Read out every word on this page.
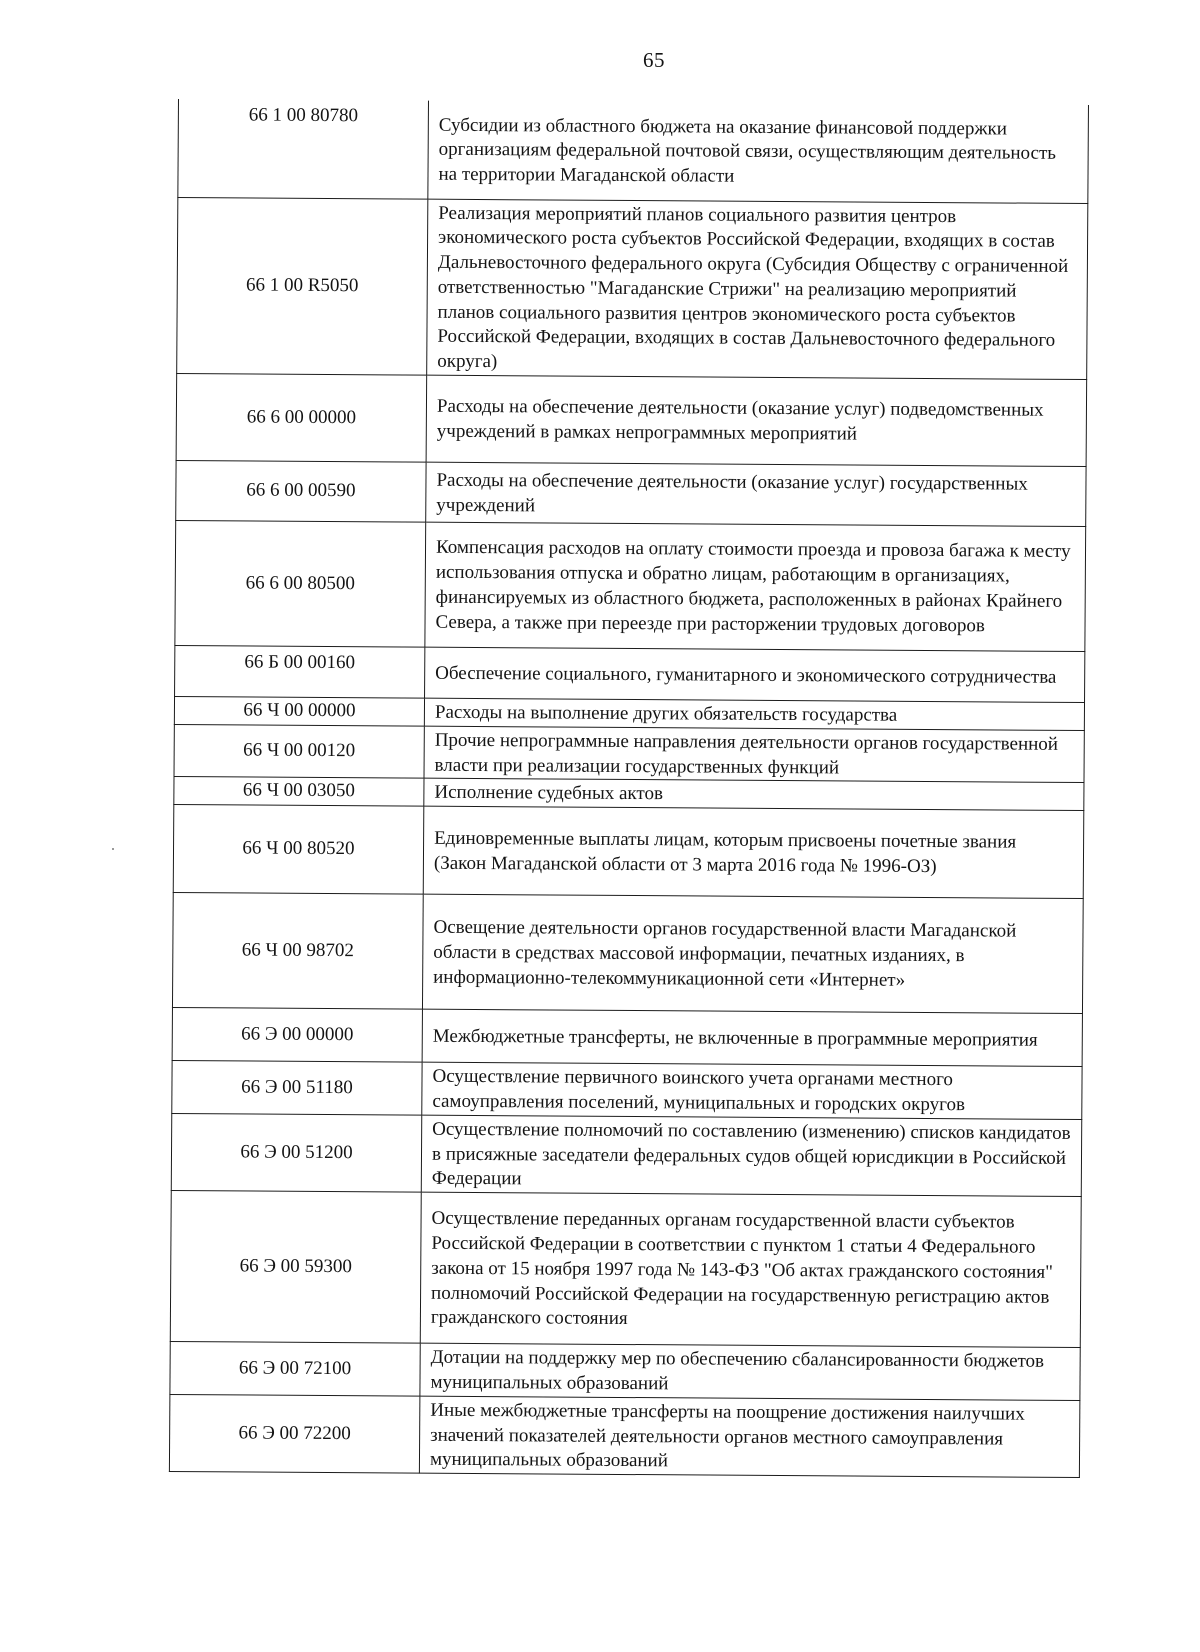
65
66 1 00 80780	Субсидии из областного бюджета на оказание финансовой поддержки организациям федеральной почтовой связи, осуществляющим деятельность на территории Магаданской области
66 1 00 R5050	Реализация мероприятий планов социального развития центров экономического роста субъектов Российской Федерации, входящих в состав Дальневосточного федерального округа (Субсидия Обществу с ограниченной ответственностью "Магаданские Стрижи" на реализацию мероприятий планов социального развития центров экономического роста субъектов Российской Федерации, входящих в состав Дальневосточного федерального округа)
66 6 00 00000	Расходы на обеспечение деятельности (оказание услуг) подведомственных учреждений в рамках непрограммных мероприятий
66 6 00 00590	Расходы на обеспечение деятельности (оказание услуг) государственных учреждений
66 6 00 80500	Компенсация расходов на оплату стоимости проезда и провоза багажа к месту использования отпуска и обратно лицам, работающим в организациях, финансируемых из областного бюджета, расположенных в районах Крайнего Севера, а также при переезде при расторжении трудовых договоров
66 Б 00 00160	Обеспечение социального, гуманитарного и экономического сотрудничества
66 Ч 00 00000	Расходы на выполнение других обязательств государства
66 Ч 00 00120	Прочие непрограммные направления деятельности органов государственной власти при реализации государственных функций
66 Ч 00 03050	Исполнение судебных актов
66 Ч 00 80520	Единовременные выплаты лицам, которым присвоены почетные звания (Закон Магаданской области от 3 марта 2016 года № 1996-ОЗ)
66 Ч 00 98702	Освещение деятельности органов государственной власти Магаданской области в средствах массовой информации, печатных изданиях, в информационно-телекоммуникационной сети «Интернет»
66 Э 00 00000	Межбюджетные трансферты, не включенные в программные мероприятия
66 Э 00 51180	Осуществление первичного воинского учета органами местного самоуправления поселений, муниципальных и городских округов
66 Э 00 51200	Осуществление полномочий по составлению (изменению) списков кандидатов в присяжные заседатели федеральных судов общей юрисдикции в Российской Федерации
66 Э 00 59300	Осуществление переданных органам государственной власти субъектов Российской Федерации в соответствии с пунктом 1 статьи 4 Федерального закона от 15 ноября 1997 года № 143-ФЗ "Об актах гражданского состояния" полномочий Российской Федерации на государственную регистрацию актов гражданского состояния
66 Э 00 72100	Дотации на поддержку мер по обеспечению сбалансированности бюджетов муниципальных образований
66 Э 00 72200	Иные межбюджетные трансферты на поощрение достижения наилучших значений показателей деятельности органов местного самоуправления муниципальных образований
